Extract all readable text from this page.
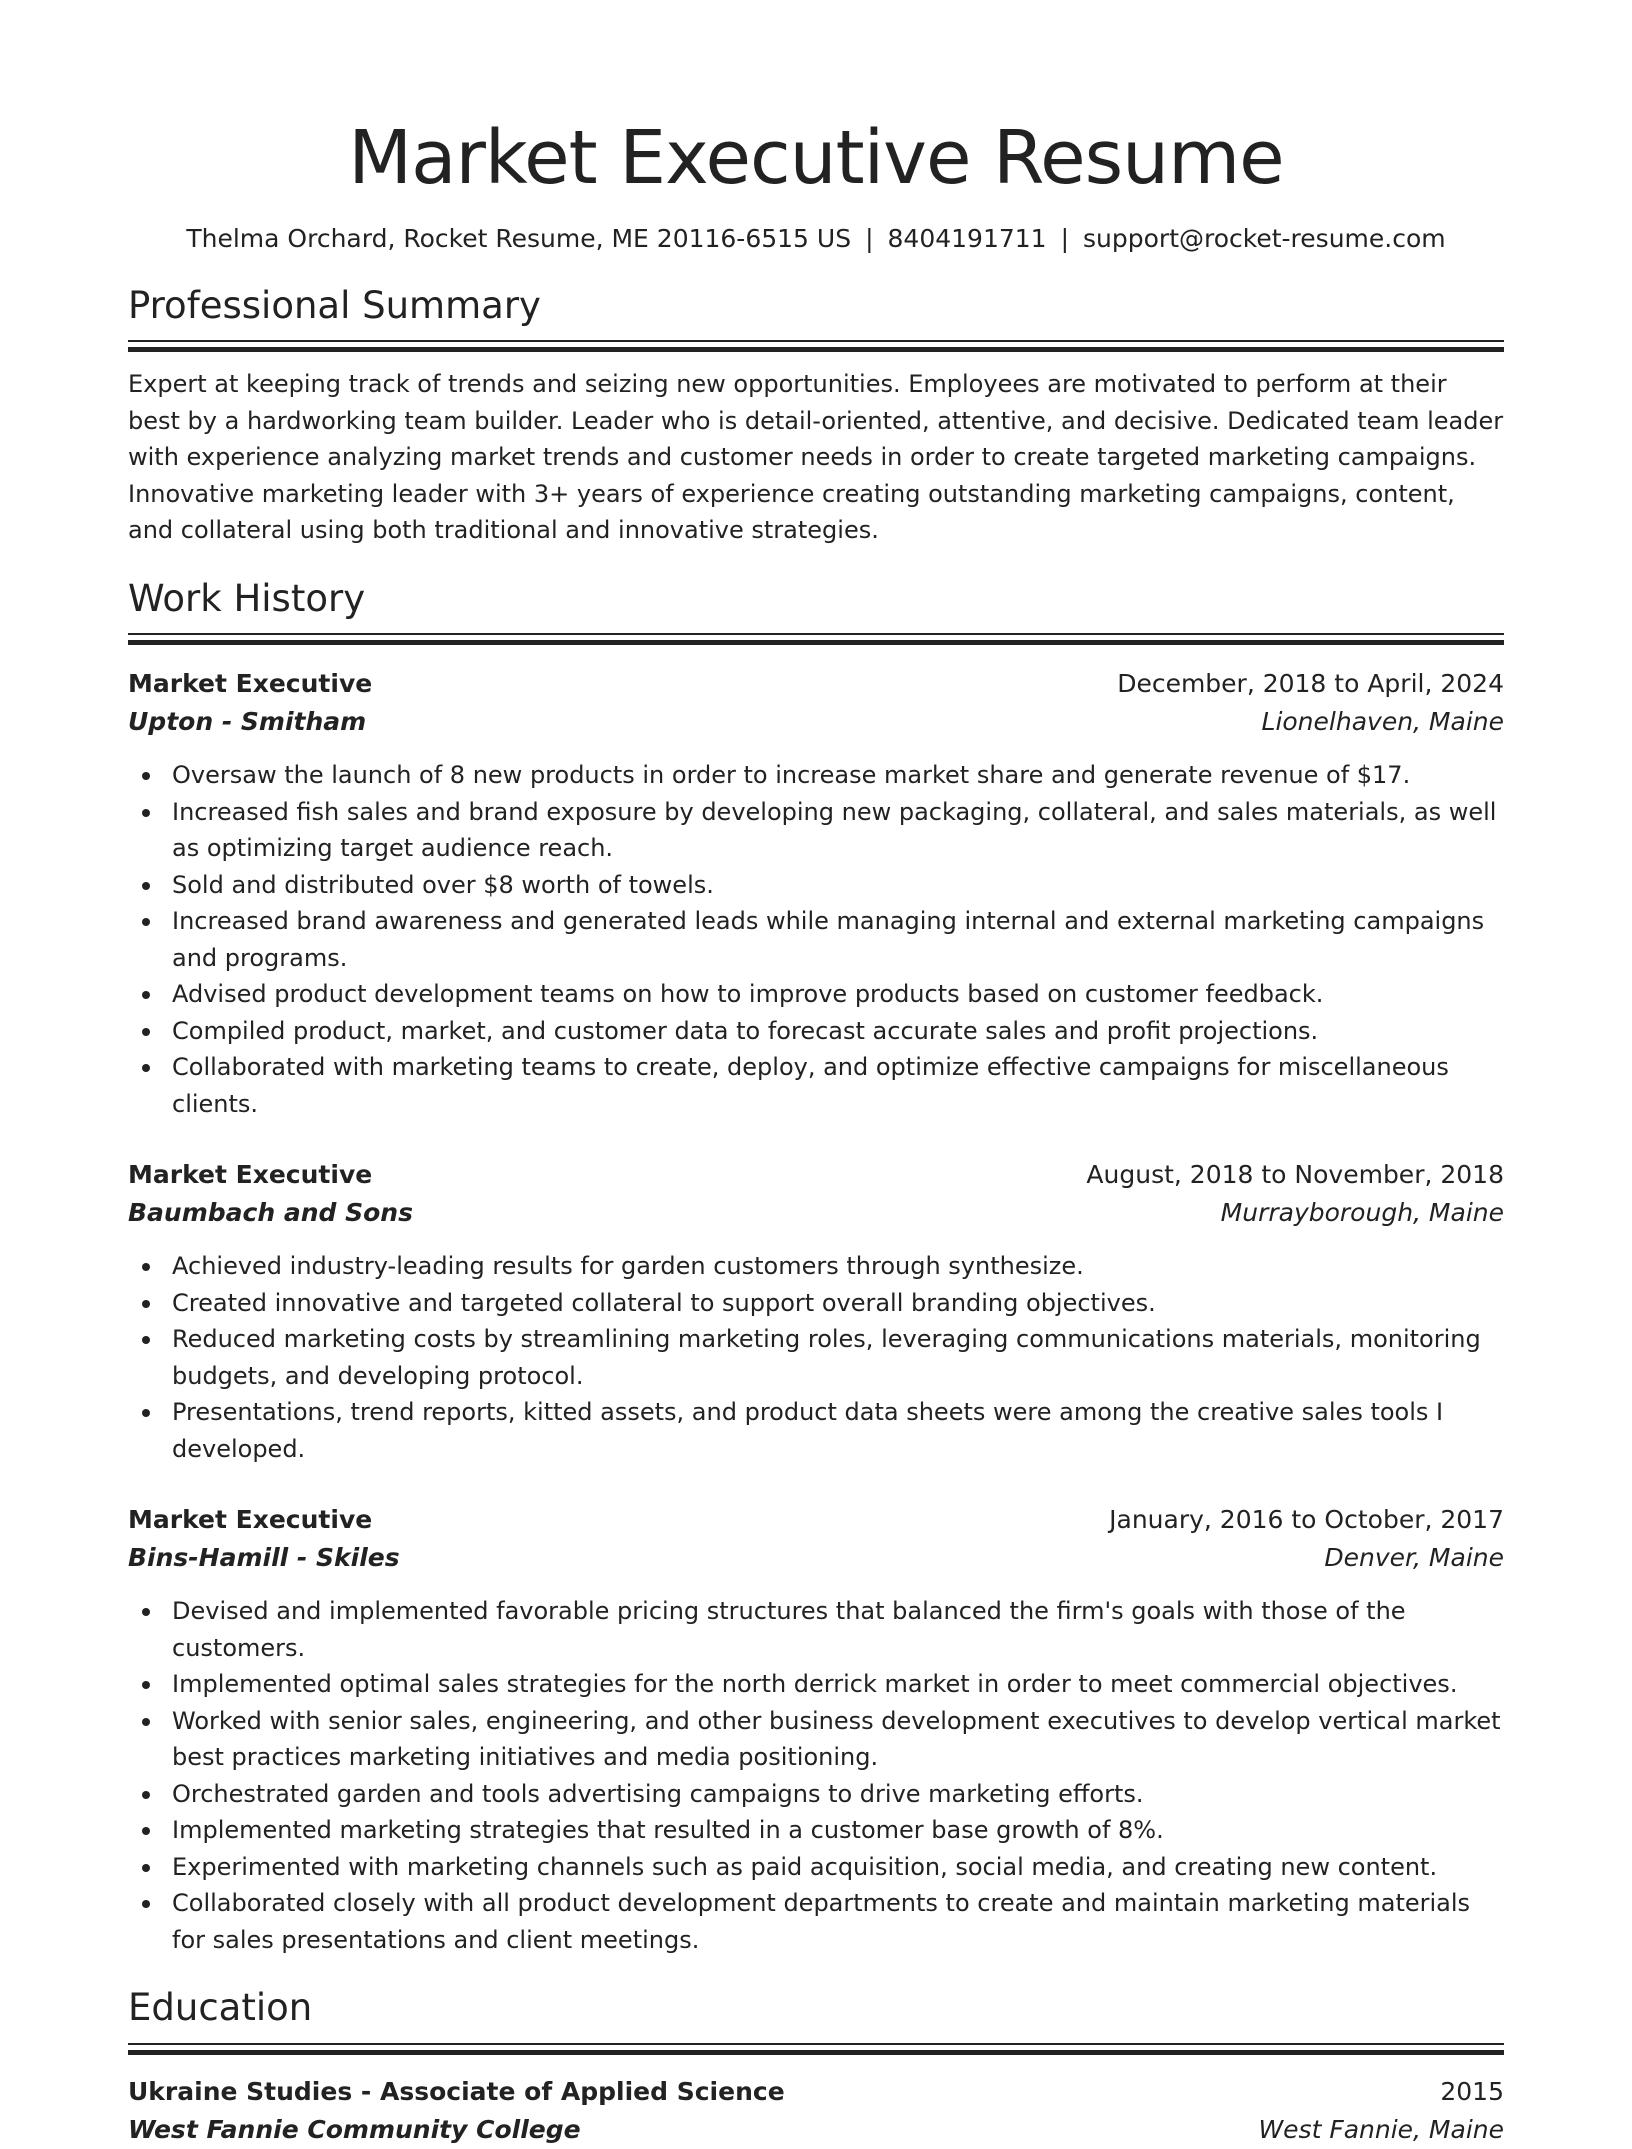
Market Executive Resume
Thelma Orchard, Rocket Resume, ME 20116-6515 US | 8404191711 | support@rocket-resume.com
Professional Summary

Expert at keeping track of trends and seizing new opportunities. Employees are motivated to perform at their best by a hardworking team builder. Leader who is detail-oriented, attentive, and decisive. Dedicated team leader with experience analyzing market trends and customer needs in order to create targeted marketing campaigns. Innovative marketing leader with 3+ years of experience creating outstanding marketing campaigns, content, and collateral using both traditional and innovative strategies.

Work History
Market Executive	December, 2018 to April, 2024
Upton - Smitham	Lionelhaven, Maine
Oversaw the launch of 8 new products in order to increase market share and generate revenue of $17.
Increased fish sales and brand exposure by developing new packaging, collateral, and sales materials, as well as optimizing target audience reach.
Sold and distributed over $8 worth of towels.
Increased brand awareness and generated leads while managing internal and external marketing campaigns and programs.
Advised product development teams on how to improve products based on customer feedback.
Compiled product, market, and customer data to forecast accurate sales and profit projections.
Collaborated with marketing teams to create, deploy, and optimize effective campaigns for miscellaneous clients.
Market Executive	August, 2018 to November, 2018
Baumbach and Sons	Murrayborough, Maine
Achieved industry-leading results for garden customers through synthesize.
Created innovative and targeted collateral to support overall branding objectives.
Reduced marketing costs by streamlining marketing roles, leveraging communications materials, monitoring budgets, and developing protocol.
Presentations, trend reports, kitted assets, and product data sheets were among the creative sales tools I developed.
Market Executive	January, 2016 to October, 2017
Bins-Hamill - Skiles	Denver, Maine
Devised and implemented favorable pricing structures that balanced the firm's goals with those of the customers.
Implemented optimal sales strategies for the north derrick market in order to meet commercial objectives.
Worked with senior sales, engineering, and other business development executives to develop vertical market best practices marketing initiatives and media positioning.
Orchestrated garden and tools advertising campaigns to drive marketing efforts.
Implemented marketing strategies that resulted in a customer base growth of 8%.
Experimented with marketing channels such as paid acquisition, social media, and creating new content.
Collaborated closely with all product development departments to create and maintain marketing materials for sales presentations and client meetings.
Education
Ukraine Studies - Associate of Applied Science	2015
West Fannie Community College	West Fannie, Maine
